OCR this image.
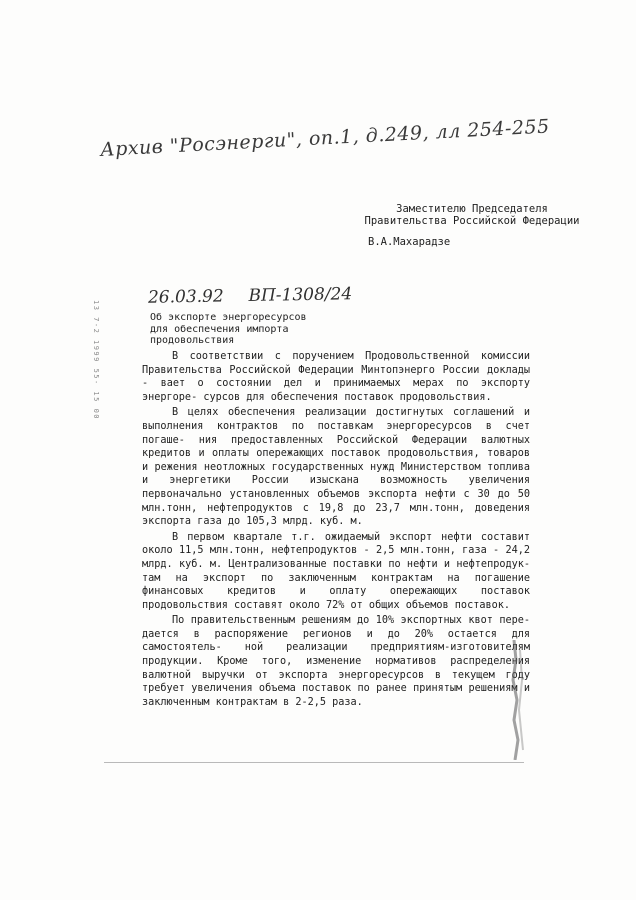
Архив "Росэнерги", оп.1, д.249, лл 254-255
Заместителю Председателя
Правительства Российской Федерации
В.А.Махарадзе
26.03.92 ВП-1308/24
Об экспорте энергоресурсов
для обеспечения импорта
продовольствия
13 7-2 1999 55- 15 00	В соответствии с поручением Продовольственной комиссии Правительства Российской Федерации Минтопэнерго России доклады - вает о состоянии дел и принимаемых мерах по экспорту энергоре- сурсов для обеспечения поставок продовольствия.

В целях обеспечения реализации достигнутых соглашений и выполнения контрактов по поставкам энергоресурсов в счет погаше- ния предоставленных Российской Федерации валютных кредитов и оплаты опережающих поставок продовольствия, товаров и режения неотложных государственных нужд Министерством топлива и энергетики России изыскана возможность увеличения первоначально установленных объемов экспорта нефти с 30 до 50 млн.тонн, нефтепродуктов с 19,8 до 23,7 млн.тонн, доведения экспорта газа до 105,3 млрд. куб. м.

В первом квартале т.г. ожидаемый экспорт нефти составит около 11,5 млн.тонн, нефтепродуктов - 2,5 млн.тонн, газа - 24,2 млрд. куб. м. Централизованные поставки по нефти и нефтепродук- там на экспорт по заключенным контрактам на погашение финансовых кредитов и оплату опережающих поставок продовольствия составят около 72% от общих объемов поставок.

По правительственным решениям до 10% экспортных квот пере- дается в распоряжение регионов и до 20% остается для самостоятель- ной реализации предприятиям-изготовителям продукции. Кроме того, изменение нормативов распределения валютной выручки от экспорта энергоресурсов в текущем году требует увеличения объема поставок по ранее принятым решениям и заключенным контрактам в 2-2,5 раза.
